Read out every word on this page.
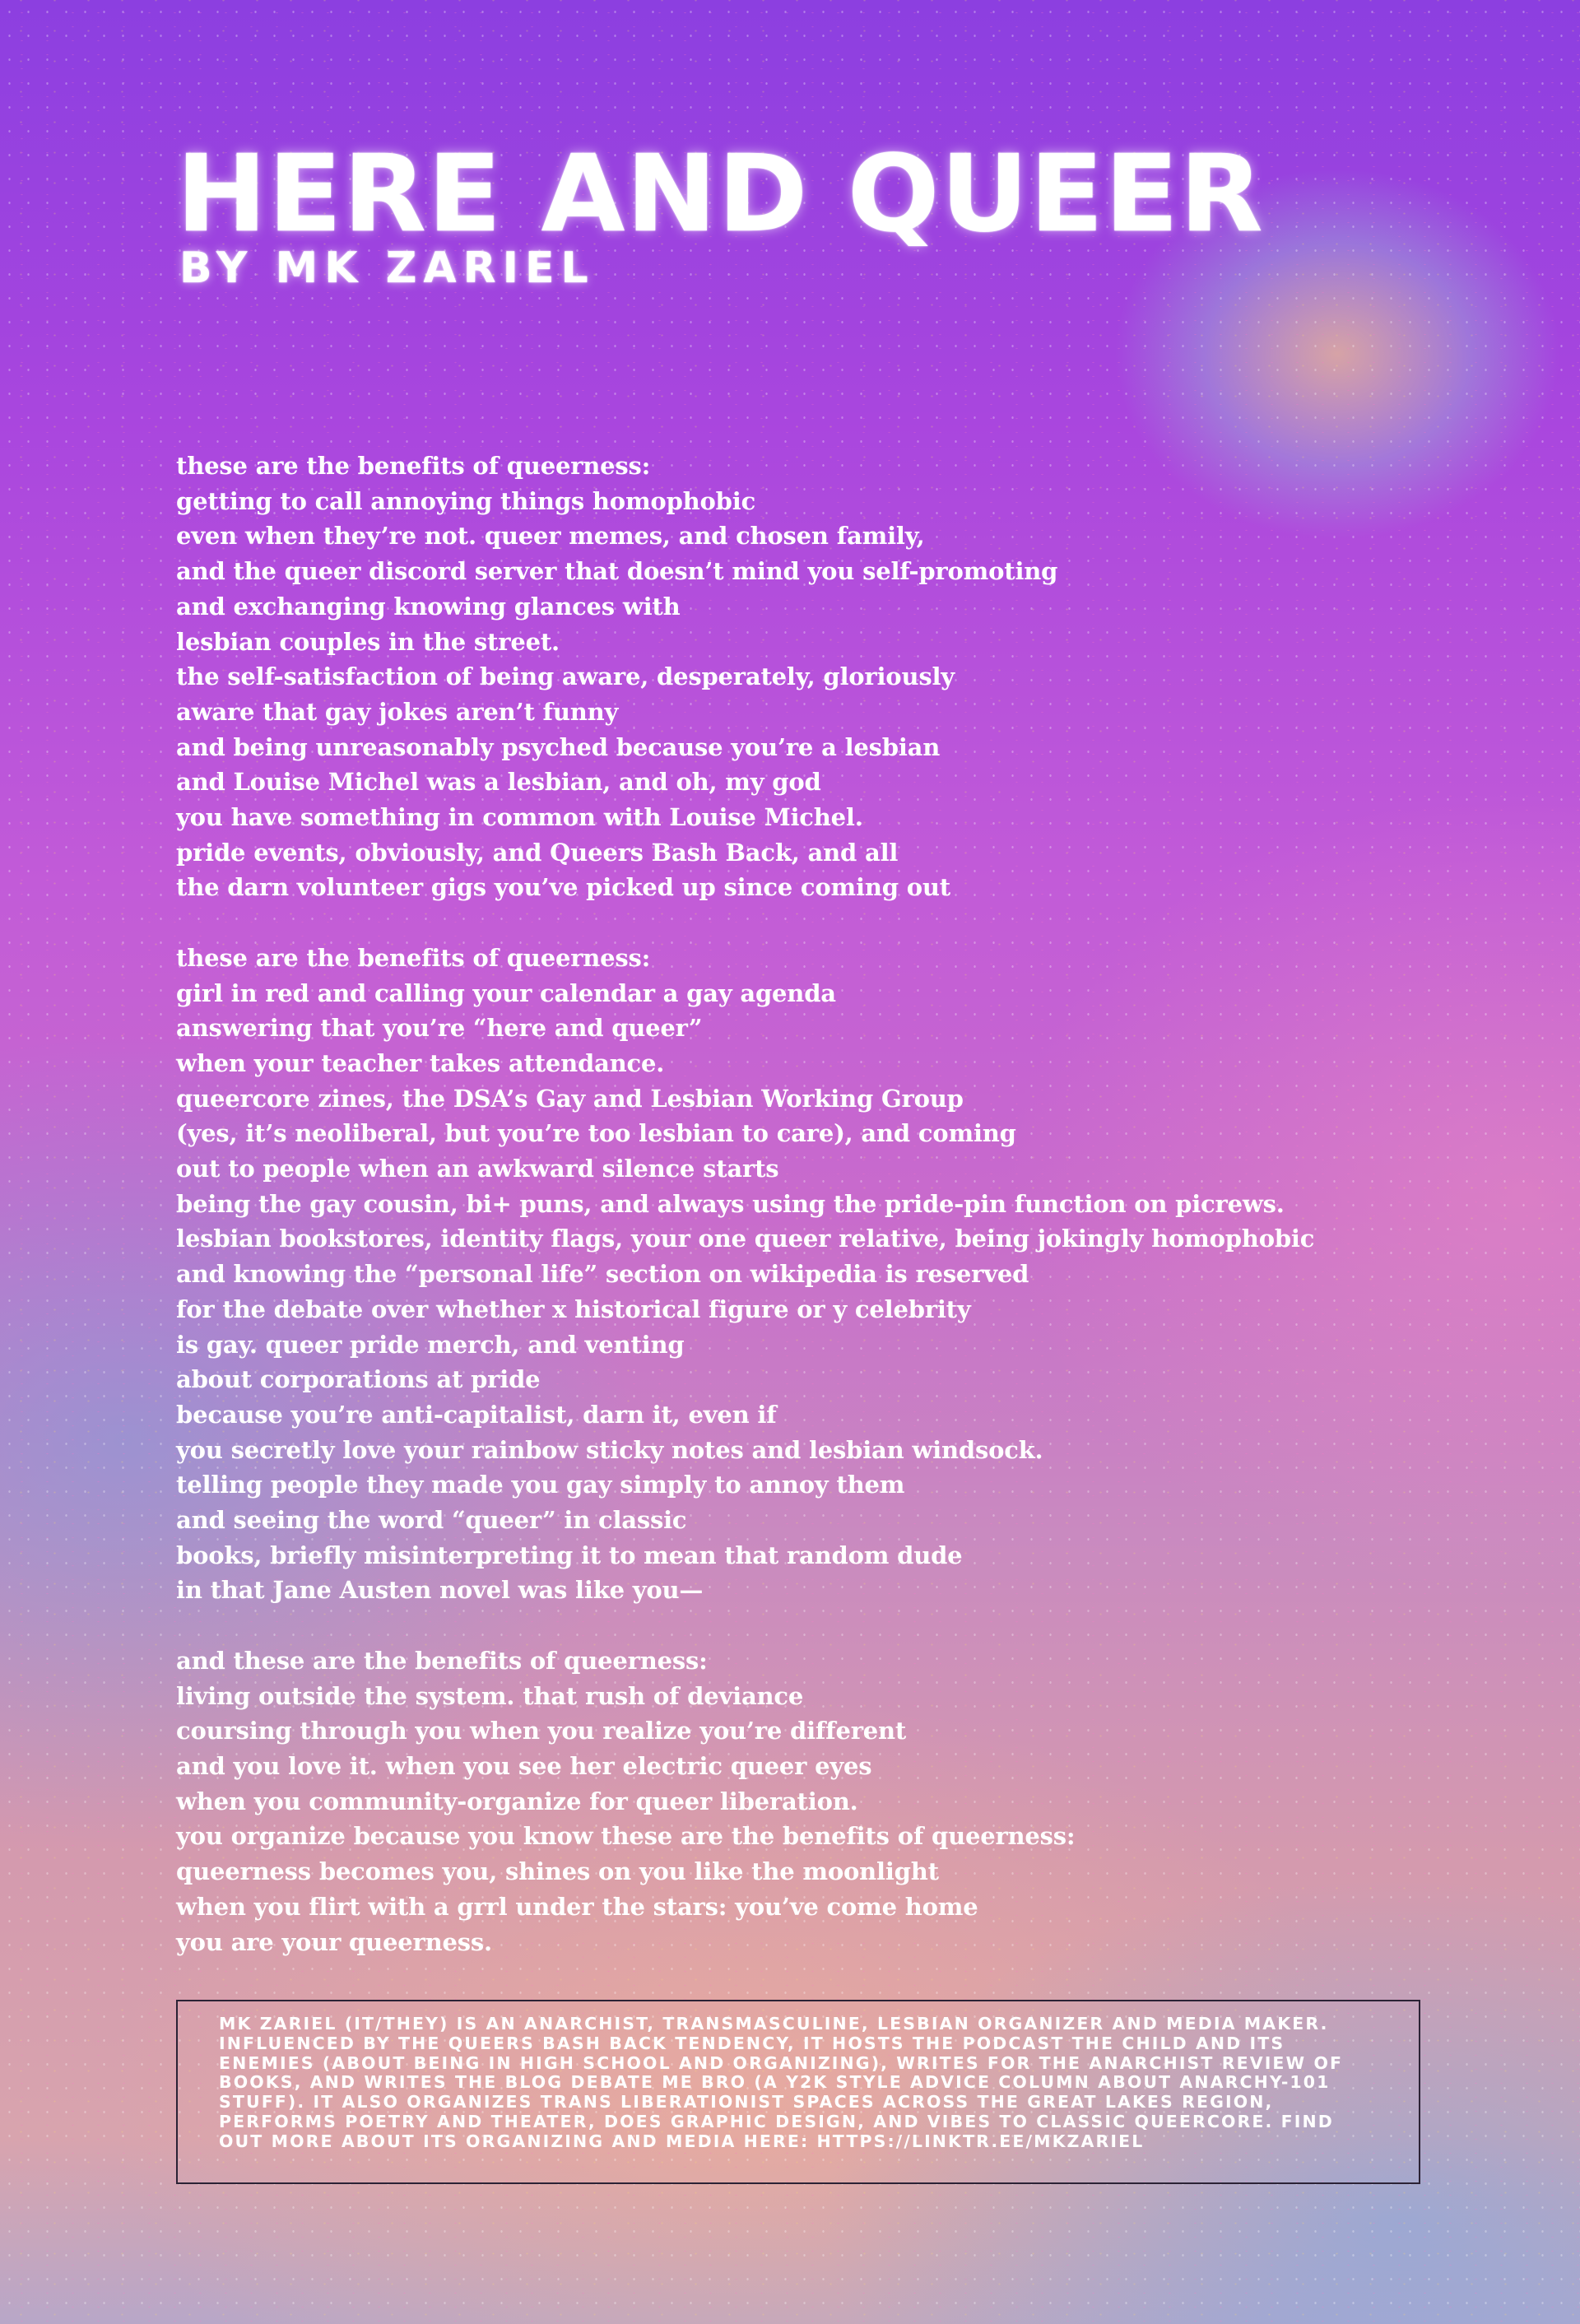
HERE AND QUEER
BY MK ZARIEL
these are the benefits of queerness:
getting to call annoying things homophobic
even when they’re not. queer memes, and chosen family,
and the queer discord server that doesn’t mind you self-promoting
and exchanging knowing glances with
lesbian couples in the street.
the self-satisfaction of being aware, desperately, gloriously
aware that gay jokes aren’t funny
and being unreasonably psyched because you’re a lesbian
and Louise Michel was a lesbian, and oh, my god
you have something in common with Louise Michel.
pride events, obviously, and Queers Bash Back, and all
the darn volunteer gigs you’ve picked up since coming out
these are the benefits of queerness:
girl in red and calling your calendar a gay agenda
answering that you’re “here and queer”
when your teacher takes attendance.
queercore zines, the DSA’s Gay and Lesbian Working Group
(yes, it’s neoliberal, but you’re too lesbian to care), and coming
out to people when an awkward silence starts
being the gay cousin, bi+ puns, and always using the pride-pin function on picrews.
lesbian bookstores, identity flags, your one queer relative, being jokingly homophobic
and knowing the “personal life” section on wikipedia is reserved
for the debate over whether x historical figure or y celebrity
is gay. queer pride merch, and venting
about corporations at pride
because you’re anti-capitalist, darn it, even if
you secretly love your rainbow sticky notes and lesbian windsock.
telling people they made you gay simply to annoy them
and seeing the word “queer” in classic
books, briefly misinterpreting it to mean that random dude
in that Jane Austen novel was like you—
and these are the benefits of queerness:
living outside the system. that rush of deviance
coursing through you when you realize you’re different
and you love it. when you see her electric queer eyes
when you community-organize for queer liberation.
you organize because you know these are the benefits of queerness:
queerness becomes you, shines on you like the moonlight
when you flirt with a grrl under the stars: you’ve come home
you are your queerness.

MK ZARIEL (IT/THEY) IS AN ANARCHIST, TRANSMASCULINE, LESBIAN ORGANIZER AND MEDIA MAKER. INFLUENCED BY THE QUEERS BASH BACK TENDENCY, IT HOSTS THE PODCAST THE CHILD AND ITS ENEMIES (ABOUT BEING IN HIGH SCHOOL AND ORGANIZING), WRITES FOR THE ANARCHIST REVIEW OF BOOKS, AND WRITES THE BLOG DEBATE ME BRO (A Y2K STYLE ADVICE COLUMN ABOUT ANARCHY-101 STUFF). IT ALSO ORGANIZES TRANS LIBERATIONIST SPACES ACROSS THE GREAT LAKES REGION, PERFORMS POETRY AND THEATER, DOES GRAPHIC DESIGN, AND VIBES TO CLASSIC QUEERCORE. FIND OUT MORE ABOUT ITS ORGANIZING AND MEDIA HERE: HTTPS://LINKTR.EE/MKZARIEL
